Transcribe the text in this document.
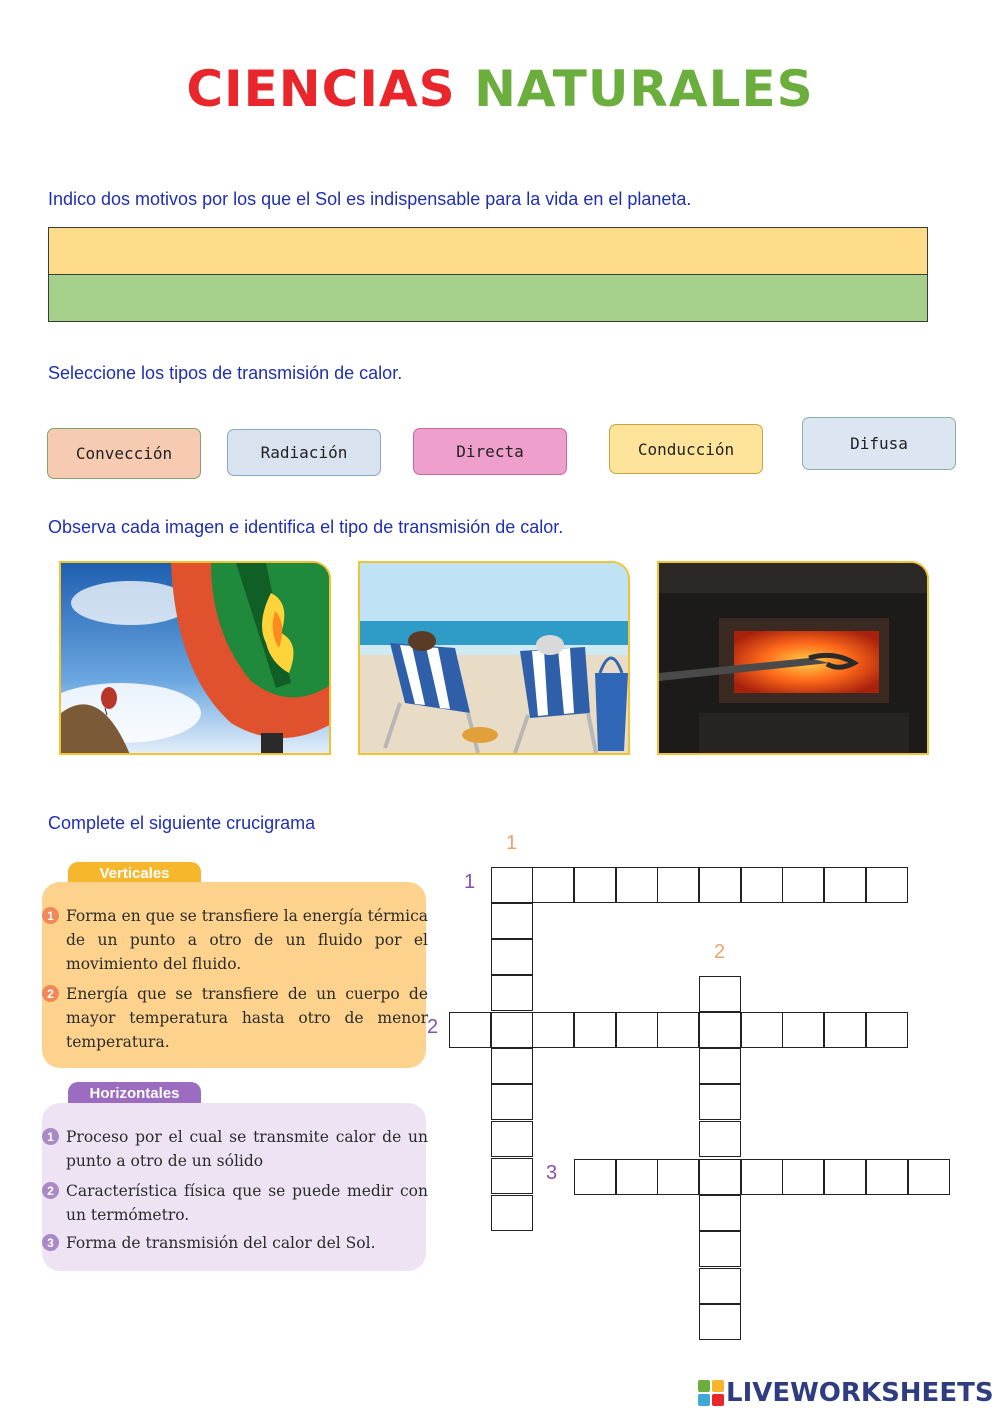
CIENCIAS NATURALES
Indico dos motivos por los que el Sol es indispensable para la vida en el planeta.
Seleccione los tipos de transmisión de calor.
Convección	Radiación	Directa	Conducción	Difusa
Observa cada imagen e identifica el tipo de transmisión de calor.
Complete el siguiente crucigrama
Verticales
1 Forma en que se transfiere la energía térmica de un punto a otro de un fluido por el movimiento del fluido.
2 Energía que se transfiere de un cuerpo de mayor temperatura hasta otro de menor temperatura.
Horizontales
1 Proceso por el cual se transmite calor de un punto a otro de un sólido
2 Característica física que se puede medir con un termómetro.
3 Forma de transmisión del calor del Sol.
1
2
1
2
3
LIVEWORKSHEETS
